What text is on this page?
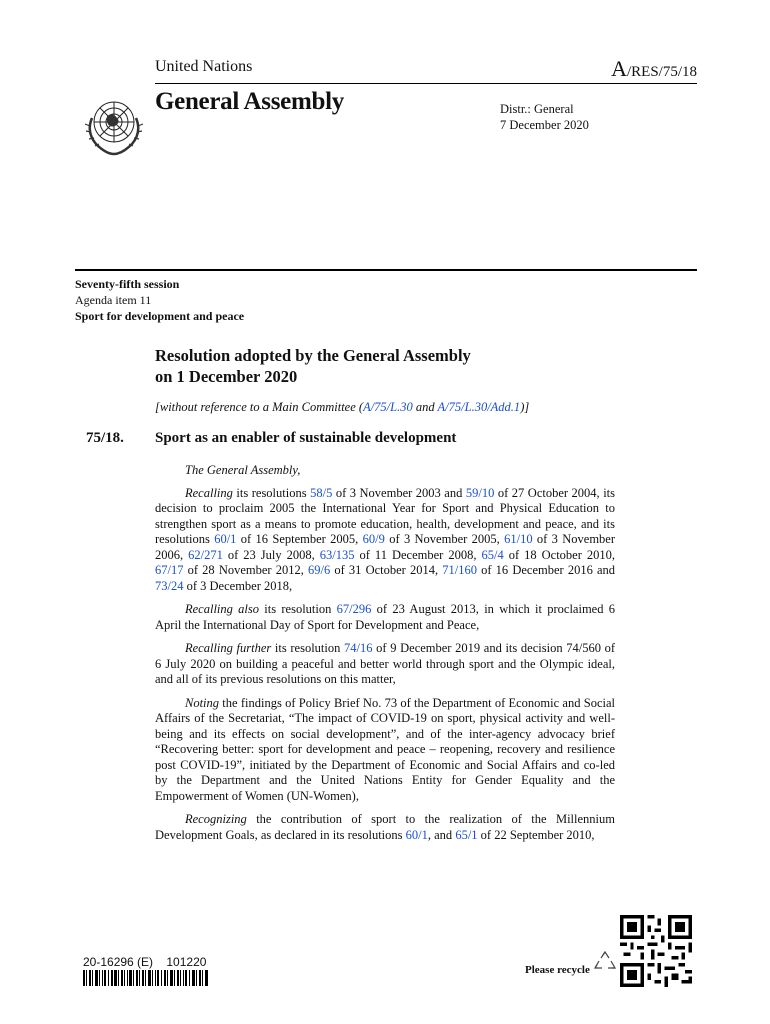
United Nations	A/RES/75/18
General Assembly	Distr.: General
7 December 2020
Seventy-fifth session
Agenda item 11
Sport for development and peace
Resolution adopted by the General Assembly
on 1 December 2020
[without reference to a Main Committee (A/75/L.30 and A/75/L.30/Add.1)]
75/18. Sport as an enabler of sustainable development

The General Assembly,

Recalling its resolutions 58/5 of 3 November 2003 and 59/10 of 27 October 2004, its decision to proclaim 2005 the International Year for Sport and Physical Education to strengthen sport as a means to promote education, health, development and peace, and its resolutions 60/1 of 16 September 2005, 60/9 of 3 November 2005, 61/10 of 3 November 2006, 62/271 of 23 July 2008, 63/135 of 11 December 2008, 65/4 of 18 October 2010, 67/17 of 28 November 2012, 69/6 of 31 October 2014, 71/160 of 16 December 2016 and 73/24 of 3 December 2018,

Recalling also its resolution 67/296 of 23 August 2013, in which it proclaimed 6 April the International Day of Sport for Development and Peace,

Recalling further its resolution 74/16 of 9 December 2019 and its decision 74/560 of 6 July 2020 on building a peaceful and better world through sport and the Olympic ideal, and all of its previous resolutions on this matter,

Noting the findings of Policy Brief No. 73 of the Department of Economic and Social Affairs of the Secretariat, “The impact of COVID-19 on sport, physical activity and well-being and its effects on social development”, and of the inter-agency advocacy brief “Recovering better: sport for development and peace – reopening, recovery and resilience post COVID-19”, initiated by the Department of Economic and Social Affairs and co-led by the Department and the United Nations Entity for Gender Equality and the Empowerment of Women (UN-Women),

Recognizing the contribution of sport to the realization of the Millennium Development Goals, as declared in its resolutions 60/1, and 65/1 of 22 September 2010,

20-16296 (E)    101220
Please recycle
